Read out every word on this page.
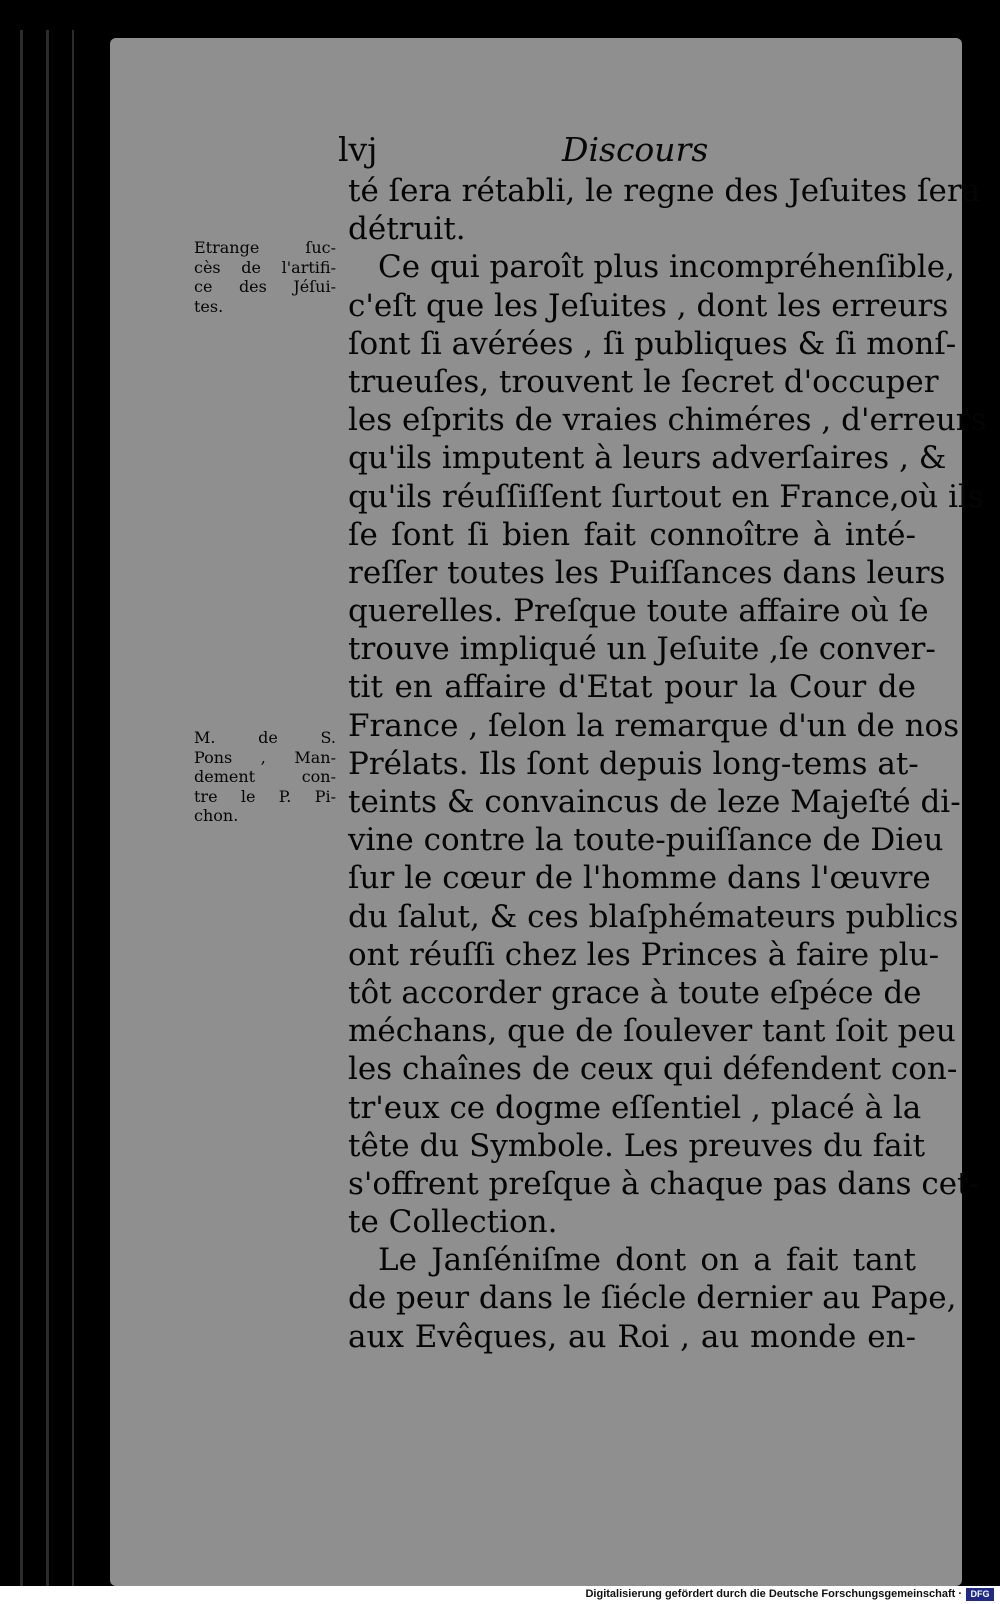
lvj	Discours
Etrange ſuc-
cès de l'artifi-
ce des Jéſui-
tes.
M. de S.
Pons , Man-
dement con-
tre le P. Pi-
chon.
té ſera rétabli, le regne des Jeſuites ſera
détruit.
Ce qui paroît plus incompréhenſible,
c'eſt que les Jeſuites , dont les erreurs
ſont ſi avérées , ſi publiques & ſi monſ-
trueuſes, trouvent le ſecret d'occuper
les eſprits de vraies chiméres , d'erreurs
qu'ils imputent à leurs adverſaires , &
qu'ils réuſſiſſent ſurtout en France,où ils
ſe ſont ſi bien fait connoître à inté-
reſſer toutes les Puiſſances dans leurs
querelles. Preſque toute affaire où ſe
trouve impliqué un Jeſuite ,ſe conver-
tit en affaire d'Etat pour la Cour de
France , ſelon la remarque d'un de nos
Prélats. Ils ſont depuis long-tems at-
teints & convaincus de leze Majeſté di-
vine contre la toute-puiſſance de Dieu
ſur le cœur de l'homme dans l'œuvre
du ſalut, & ces blaſphémateurs publics
ont réuſſi chez les Princes à faire plu-
tôt accorder grace à toute eſpéce de
méchans, que de ſoulever tant ſoit peu
les chaînes de ceux qui défendent con-
tr'eux ce dogme eſſentiel , placé à la
tête du Symbole. Les preuves du fait
s'offrent preſque à chaque pas dans cet-
te Collection.
Le Janſéniſme dont on a fait tant
de peur dans le ſiécle dernier au Pape,
aux Evêques, au Roi , au monde en-
Digitalisierung gefördert durch die Deutsche Forschungsgemeinschaft · DFG
